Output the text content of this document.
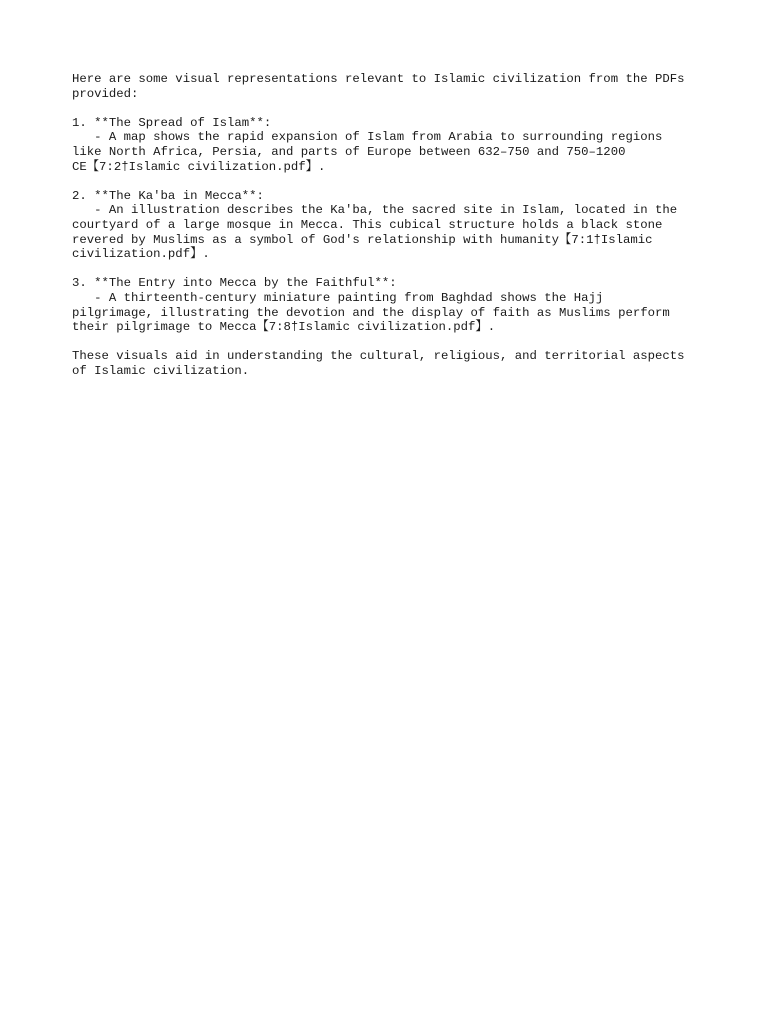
Here are some visual representations relevant to Islamic civilization from the PDFs
provided:
1. **The Spread of Islam**:
- A map shows the rapid expansion of Islam from Arabia to surrounding regions
like North Africa, Persia, and parts of Europe between 632–750 and 750–1200
CE【7:2†Islamic civilization.pdf】.
2. **The Ka'ba in Mecca**:
- An illustration describes the Ka'ba, the sacred site in Islam, located in the
courtyard of a large mosque in Mecca. This cubical structure holds a black stone
revered by Muslims as a symbol of God's relationship with humanity【7:1†Islamic
civilization.pdf】.
3. **The Entry into Mecca by the Faithful**:
- A thirteenth-century miniature painting from Baghdad shows the Hajj
pilgrimage, illustrating the devotion and the display of faith as Muslims perform
their pilgrimage to Mecca【7:8†Islamic civilization.pdf】.
These visuals aid in understanding the cultural, religious, and territorial aspects
of Islamic civilization.
